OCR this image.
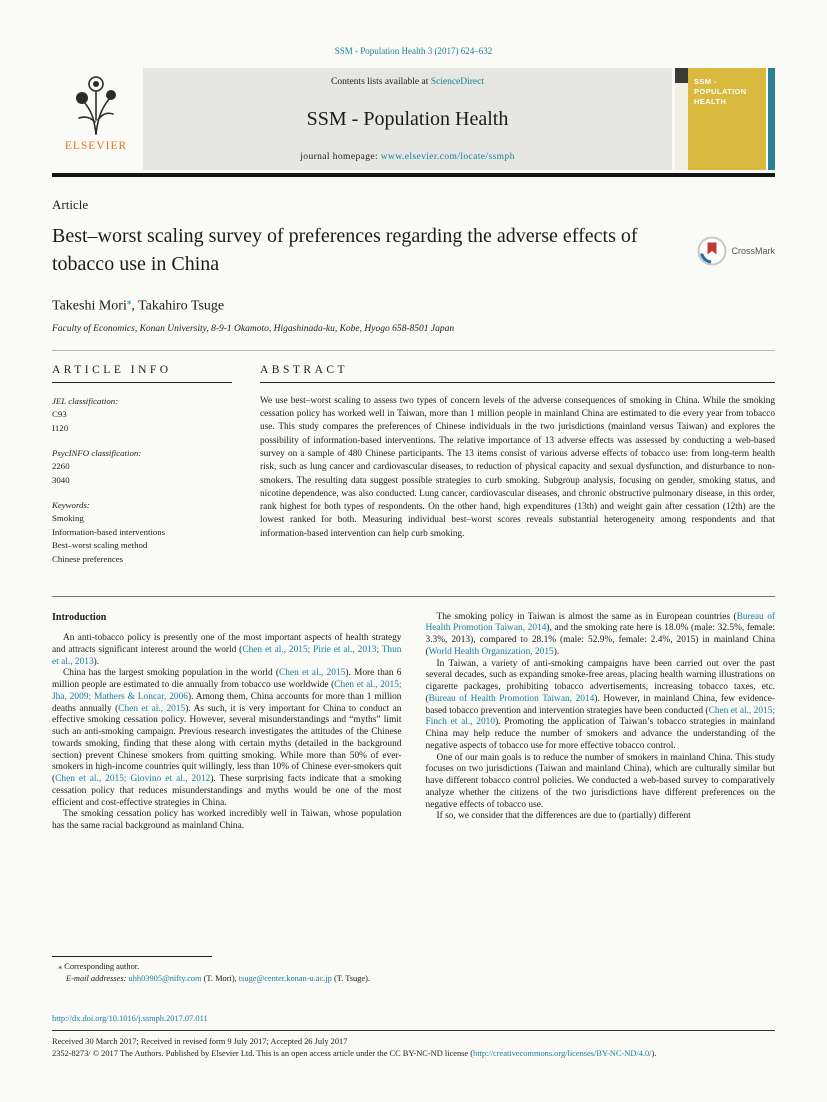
SSM - Population Health 3 (2017) 624–632
ELSEVIER
Contents lists available at ScienceDirect
SSM - Population Health
journal homepage: www.elsevier.com/locate/ssmph
SSM -
POPULATION
HEALTH
Article
Best–worst scaling survey of preferences regarding the adverse effects of tobacco use in China
CrossMark
Takeshi Mori⁎, Takahiro Tsuge
Faculty of Economics, Konan University, 8-9-1 Okamoto, Higashinada-ku, Kobe, Hyogo 658-8501 Japan
ARTICLE INFO
JEL classification:
C93
I120
PsycINFO classification:
2260
3040
Keywords:
Smoking
Information-based interventions
Best–worst scaling method
Chinese preferences
ABSTRACT
We use best–worst scaling to assess two types of concern levels of the adverse consequences of smoking in China. While the smoking cessation policy has worked well in Taiwan, more than 1 million people in mainland China are estimated to die every year from tobacco use. This study compares the preferences of Chinese individuals in the two jurisdictions (mainland versus Taiwan) and explores the possibility of information-based interventions. The relative importance of 13 adverse effects was assessed by conducting a web-based survey on a sample of 480 Chinese participants. The 13 items consist of various adverse effects of tobacco use: from long-term health risk, such as lung cancer and cardiovascular diseases, to reduction of physical capacity and sexual dysfunction, and disturbance to non-smokers. The resulting data suggest possible strategies to curb smoking. Subgroup analysis, focusing on gender, smoking status, and nicotine dependence, was also conducted. Lung cancer, cardiovascular diseases, and chronic obstructive pulmonary disease, in this order, rank highest for both types of respondents. On the other hand, high expenditures (13th) and weight gain after cessation (12th) are the lowest ranked for both. Measuring individual best–worst scores reveals substantial heterogeneity among respondents and that information-based intervention can help curb smoking.
Introduction

An anti-tobacco policy is presently one of the most important aspects of health strategy and attracts significant interest around the world (Chen et al., 2015; Pirie et al., 2013; Thun et al., 2013).

China has the largest smoking population in the world (Chen et al., 2015). More than 6 million people are estimated to die annually from tobacco use worldwide (Chen et al., 2015; Jha, 2009; Mathers & Loncar, 2006). Among them, China accounts for more than 1 million deaths annually (Chen et al., 2015). As such, it is very important for China to conduct an effective smoking cessation policy. However, several misunderstandings and “myths” limit such an anti-smoking campaign. Previous research investigates the attitudes of the Chinese towards smoking, finding that these along with certain myths (detailed in the background section) prevent Chinese smokers from quitting smoking. While more than 50% of ever-smokers in high-income countries quit willingly, less than 10% of Chinese ever-smokers quit (Chen et al., 2015; Giovino et al., 2012). These surprising facts indicate that a smoking cessation policy that reduces misunderstandings and myths would be one of the most efficient and cost-effective strategies in China.

The smoking cessation policy has worked incredibly well in Taiwan, whose population has the same racial background as mainland China.

The smoking policy in Taiwan is almost the same as in European countries (Bureau of Health Promotion Taiwan, 2014), and the smoking rate here is 18.0% (male: 32.5%, female: 3.3%, 2013), compared to 28.1% (male: 52.9%, female: 2.4%, 2015) in mainland China (World Health Organization, 2015).

In Taiwan, a variety of anti-smoking campaigns have been carried out over the past several decades, such as expanding smoke-free areas, placing health warning illustrations on cigarette packages, prohibiting tobacco advertisements, increasing tobacco taxes, etc. (Bureau of Health Promotion Taiwan, 2014). However, in mainland China, few evidence-based tobacco prevention and intervention strategies have been conducted (Chen et al., 2015; Finch et al., 2010). Promoting the application of Taiwan’s tobacco strategies in mainland China may help reduce the number of smokers and advance the understanding of the negative aspects of tobacco use for more effective tobacco control.

One of our main goals is to reduce the number of smokers in mainland China. This study focuses on two jurisdictions (Taiwan and mainland China), which are culturally similar but have different tobacco control policies. We conducted a web-based survey to comparatively analyze whether the citizens of the two jurisdictions have different preferences on the negative effects of tobacco use.

If so, we consider that the differences are due to (partially) different

⁎ Corresponding author.
E-mail addresses: uhh03905@nifty.com (T. Mori), tsuge@center.konan-u.ac.jp (T. Tsuge).
http://dx.doi.org/10.1016/j.ssmph.2017.07.011
Received 30 March 2017; Received in revised form 9 July 2017; Accepted 26 July 2017
2352-8273/ © 2017 The Authors. Published by Elsevier Ltd. This is an open access article under the CC BY-NC-ND license (http://creativecommons.org/licenses/BY-NC-ND/4.0/).
